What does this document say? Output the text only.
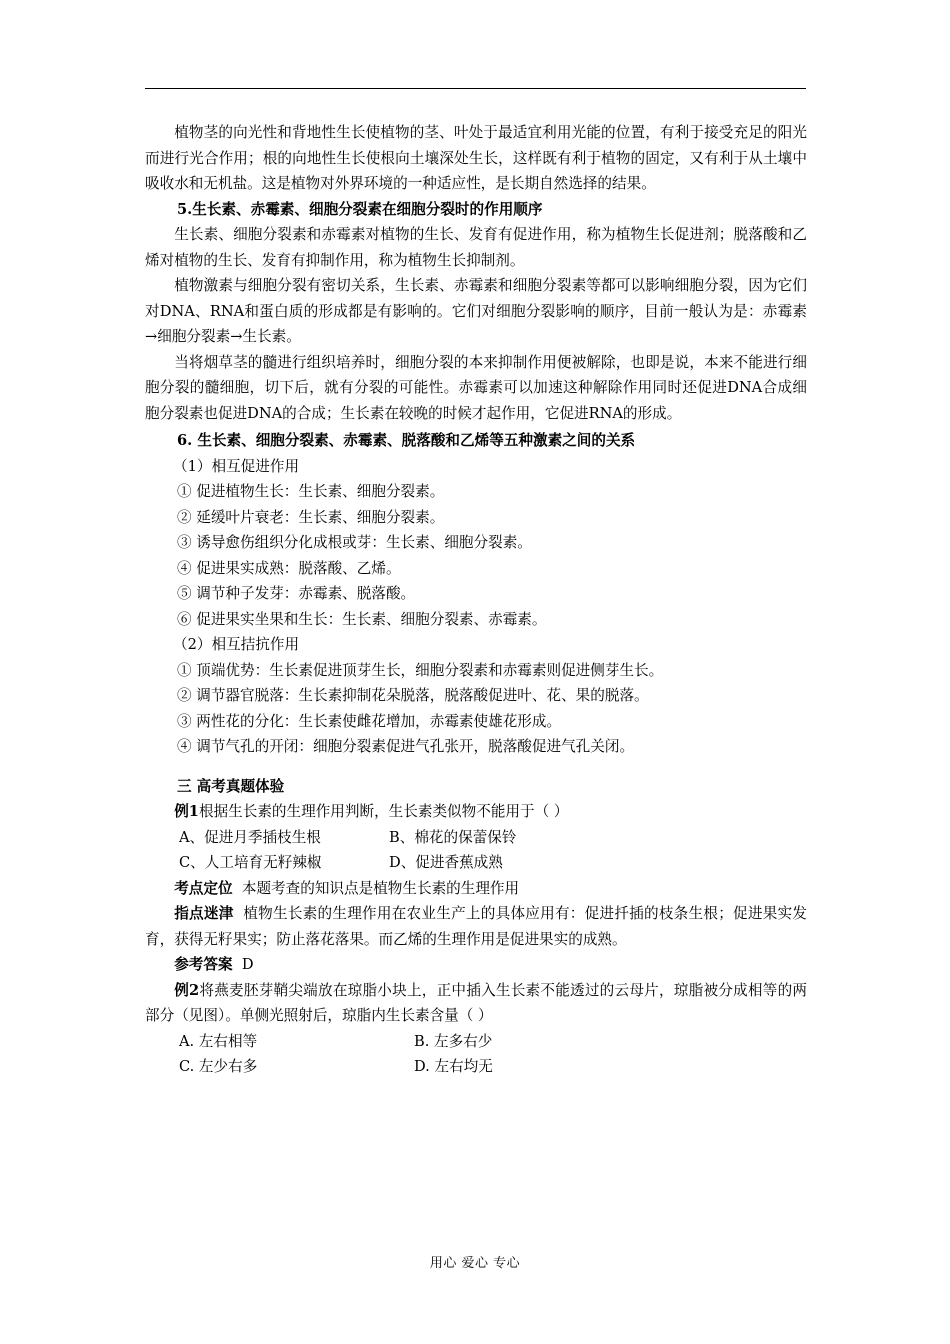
植物茎的向光性和背地性生长使植物的茎、叶处于最适宜利用光能的位置，有利于接受充足的阳光而进行光合作用；根的向地性生长使根向土壤深处生长，这样既有利于植物的固定，又有利于从土壤中吸收水和无机盐。这是植物对外界环境的一种适应性，是长期自然选择的结果。

5.生长素、赤霉素、细胞分裂素在细胞分裂时的作用顺序

生长素、细胞分裂素和赤霉素对植物的生长、发育有促进作用，称为植物生长促进剂；脱落酸和乙烯对植物的生长、发育有抑制作用，称为植物生长抑制剂。

植物激素与细胞分裂有密切关系，生长素、赤霉素和细胞分裂素等都可以影响细胞分裂，因为它们对DNA、RNA和蛋白质的形成都是有影响的。它们对细胞分裂影响的顺序，目前一般认为是：赤霉素→细胞分裂素→生长素。

当将烟草茎的髓进行组织培养时，细胞分裂的本来抑制作用便被解除，也即是说，本来不能进行细胞分裂的髓细胞，切下后，就有分裂的可能性。赤霉素可以加速这种解除作用同时还促进DNA合成细胞分裂素也促进DNA的合成；生长素在较晚的时候才起作用，它促进RNA的形成。

6. 生长素、细胞分裂素、赤霉素、脱落酸和乙烯等五种激素之间的关系

（1）相互促进作用

① 促进植物生长：生长素、细胞分裂素。

② 延缓叶片衰老：生长素、细胞分裂素。

③ 诱导愈伤组织分化成根或芽：生长素、细胞分裂素。

④ 促进果实成熟：脱落酸、乙烯。

⑤ 调节种子发芽：赤霉素、脱落酸。

⑥ 促进果实坐果和生长：生长素、细胞分裂素、赤霉素。

（2）相互拮抗作用

① 顶端优势：生长素促进顶芽生长，细胞分裂素和赤霉素则促进侧芽生长。

② 调节器官脱落：生长素抑制花朵脱落，脱落酸促进叶、花、果的脱落。

③ 两性花的分化：生长素使雌花增加，赤霉素使雄花形成。

④ 调节气孔的开闭：细胞分裂素促进气孔张开，脱落酸促进气孔关闭。

三 高考真题体验

例1根据生长素的生理作用判断，生长素类似物不能用于（ ）

A、促进月季插枝生根	B、棉花的保蕾保铃
C、人工培育无籽辣椒	D、促进香蕉成熟

考点定位 本题考查的知识点是植物生长素的生理作用

指点迷津 植物生长素的生理作用在农业生产上的具体应用有：促进扦插的枝条生根；促进果实发育，获得无籽果实；防止落花落果。而乙烯的生理作用是促进果实的成熟。

参考答案 D

例2将燕麦胚芽鞘尖端放在琼脂小块上，正中插入生长素不能透过的云母片，琼脂被分成相等的两部分（见图）。单侧光照射后，琼脂内生长素含量（ ）

A. 左右相等	B. 左多右少
C. 左少右多	D. 左右均无
用心 爱心 专心
